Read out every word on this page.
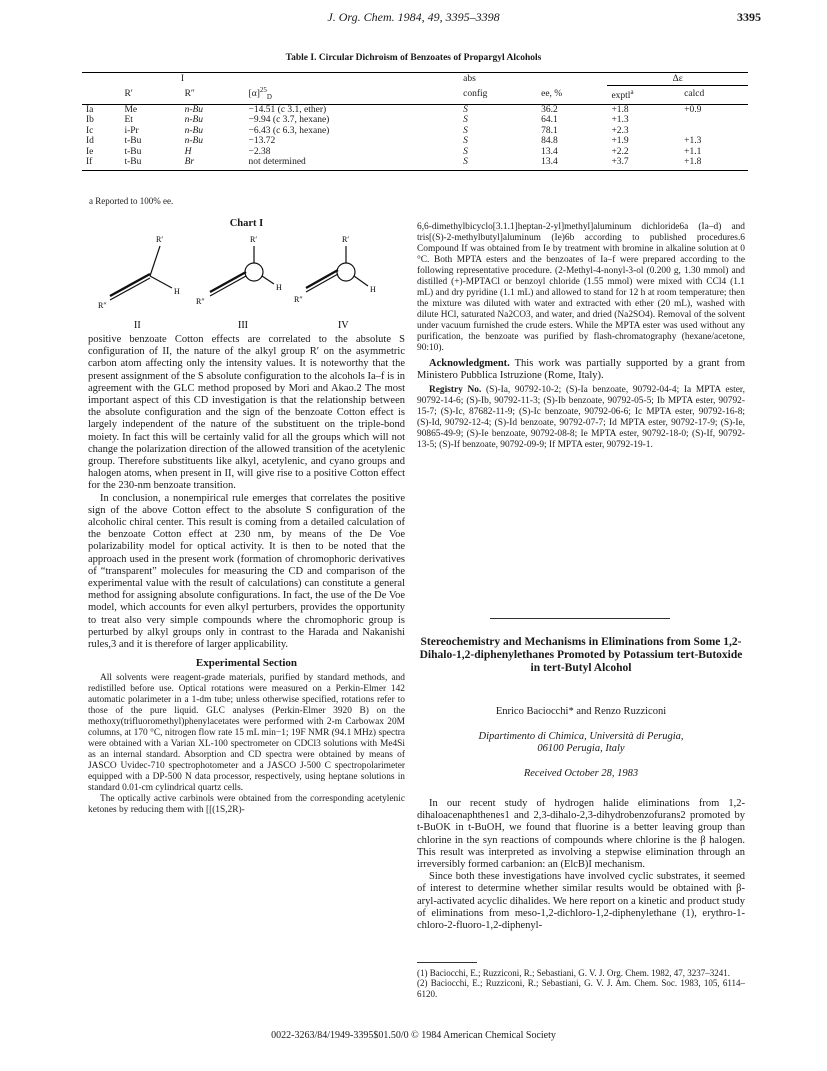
J. Org. Chem. 1984, 49, 3395–3398	3395
Table I. Circular Dichroism of Benzoates of Propargyl Alcohols
	I			abs		Δε	
	R′	R″	$[\alpha]^{25}_D$	config	ee, %	exptl$^a$	calcd
Ia	Me	n-Bu	−14.51 (c 3.1, ether)	S	36.2	+1.8	+0.9
Ib	Et	n-Bu	−9.94 (c 3.7, hexane)	S	64.1	+1.3	
Ic	i-Pr	n-Bu	−6.43 (c 6.3, hexane)	S	78.1	+2.3	
Id	t-Bu	n-Bu	−13.72	S	84.8	+1.9	+1.3
Ie	t-Bu	H	−2.38	S	13.4	+2.2	+1.1
If	t-Bu	Br	not determined	S	13.4	+3.7	+1.8
a Reported to 100% ee.
Chart I
R″
R′
H
II
R″
R′
H
III
R″
R′
H
IV

positive benzoate Cotton effects are correlated to the absolute S configuration of II, the nature of the alkyl group R′ on the asymmetric carbon atom affecting only the intensity values. It is noteworthy that the present assignment of the S absolute configuration to the alcohols Ia–f is in agreement with the GLC method proposed by Mori and Akao.2 The most important aspect of this CD investigation is that the relationship between the absolute configuration and the sign of the benzoate Cotton effect is largely independent of the nature of the substituent on the triple-bond moiety. In fact this will be certainly valid for all the groups which will not change the polarization direction of the allowed transition of the acetylenic group. Therefore substituents like alkyl, acetylenic, and cyano groups and halogen atoms, when present in II, will give rise to a positive Cotton effect for the 230-nm benzoate transition.

In conclusion, a nonempirical rule emerges that correlates the positive sign of the above Cotton effect to the absolute S configuration of the alcoholic chiral center. This result is coming from a detailed calculation of the benzoate Cotton effect at 230 nm, by means of the De Voe polarizability model for optical activity. It is then to be noted that the approach used in the present work (formation of chromophoric derivatives of “transparent” molecules for measuring the CD and comparison of the experimental value with the result of calculations) can constitute a general method for assigning absolute configurations. In fact, the use of the De Voe model, which accounts for even alkyl perturbers, provides the opportunity to treat also very simple compounds where the chromophoric group is perturbed by alkyl groups only in contrast to the Harada and Nakanishi rules,3 and it is therefore of larger applicability.

Experimental Section

All solvents were reagent-grade materials, purified by standard methods, and redistilled before use. Optical rotations were measured on a Perkin-Elmer 142 automatic polarimeter in a 1-dm tube; unless otherwise specified, rotations refer to those of the pure liquid. GLC analyses (Perkin-Elmer 3920 B) on the methoxy(trifluoromethyl)phenylacetates were performed with 2-m Carbowax 20M columns, at 170 °C, nitrogen flow rate 15 mL min−1; 19F NMR (94.1 MHz) spectra were obtained with a Varian XL-100 spectrometer on CDCl3 solutions with Me4Si as an internal standard. Absorption and CD spectra were obtained by means of JASCO Uvidec-710 spectrophotometer and a JASCO J-500 C spectropolarimeter equipped with a DP-500 N data processor, respectively, using heptane solutions in standard 0.01-cm cylindrical quartz cells.

The optically active carbinols were obtained from the corresponding acetylenic ketones by reducing them with [[(1S,2R)-

6,6-dimethylbicyclo[3.1.1]heptan-2-yl]methyl]aluminum dichloride6a (Ia–d) and tris[(S)-2-methylbutyl]aluminum (Ie)6b according to published procedures.6 Compound If was obtained from Ie by treatment with bromine in alkaline solution at 0 °C. Both MPTA esters and the benzoates of Ia–f were prepared according to the following representative procedure. (2-Methyl-4-nonyl-3-ol (0.200 g, 1.30 mmol) and distilled (+)-MPTACl or benzoyl chloride (1.55 mmol) were mixed with CCl4 (1.1 mL) and dry pyridine (1.1 mL) and allowed to stand for 12 h at room temperature; then the mixture was diluted with water and extracted with ether (20 mL), washed with dilute HCl, saturated Na2CO3, and water, and dried (Na2SO4). Removal of the solvent under vacuum furnished the crude esters. While the MPTA ester was used without any purification, the benzoate was purified by flash-chromatography (hexane/acetone, 90:10).

Acknowledgment. This work was partially supported by a grant from Ministero Pubblica Istruzione (Rome, Italy).

Registry No. (S)-Ia, 90792-10-2; (S)-Ia benzoate, 90792-04-4; Ia MPTA ester, 90792-14-6; (S)-Ib, 90792-11-3; (S)-Ib benzoate, 90792-05-5; Ib MPTA ester, 90792-15-7; (S)-Ic, 87682-11-9; (S)-Ic benzoate, 90792-06-6; Ic MPTA ester, 90792-16-8; (S)-Id, 90792-12-4; (S)-Id benzoate, 90792-07-7; Id MPTA ester, 90792-17-9; (S)-Ie, 90865-49-9; (S)-Ie benzoate, 90792-08-8; Ie MPTA ester, 90792-18-0; (S)-If, 90792-13-5; (S)-If benzoate, 90792-09-9; If MPTA ester, 90792-19-1.

Stereochemistry and Mechanisms in Eliminations from Some 1,2-Dihalo-1,2-diphenylethanes Promoted by Potassium tert-Butoxide in tert-Butyl Alcohol
Enrico Baciocchi* and Renzo Ruzziconi
Dipartimento di Chimica, Università di Perugia,
06100 Perugia, Italy
Received October 28, 1983

In our recent study of hydrogen halide eliminations from 1,2-dihaloacenaphthenes1 and 2,3-dihalo-2,3-dihydrobenzofurans2 promoted by t-BuOK in t-BuOH, we found that fluorine is a better leaving group than chlorine in the syn reactions of compounds where chlorine is the β halogen. This result was interpreted as involving a stepwise elimination through an irreversibly formed carbanion: an (ElcB)I mechanism.

Since both these investigations have involved cyclic substrates, it seemed of interest to determine whether similar results would be obtained with β-aryl-activated acyclic dihalides. We here report on a kinetic and product study of eliminations from meso-1,2-dichloro-1,2-diphenylethane (1), erythro-1-chloro-2-fluoro-1,2-diphenyl-

(1) Baciocchi, E.; Ruzziconi, R.; Sebastiani, G. V. J. Org. Chem. 1982, 47, 3237–3241.
(2) Baciocchi, E.; Ruzziconi, R.; Sebastiani, G. V. J. Am. Chem. Soc. 1983, 105, 6114–6120.
0022-3263/84/1949-3395$01.50/0 © 1984 American Chemical Society
